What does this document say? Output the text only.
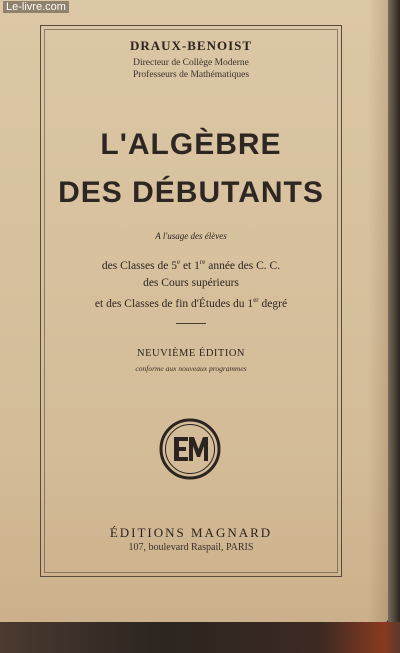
Le-livre.com
DRAUX-BENOIST
Directeur de Collège Moderne
Professeurs de Mathématiques
L'ALGÈBRE
DES DÉBUTANTS
A l'usage des élèves
des Classes de 5e et 1re année des C. C.
des Cours supérieurs
et des Classes de fin d'Études du 1er degré
NEUVIÈME ÉDITION
conforme aux nouveaux programmes
ÉDITIONS MAGNARD
107, boulevard Raspail, PARIS
